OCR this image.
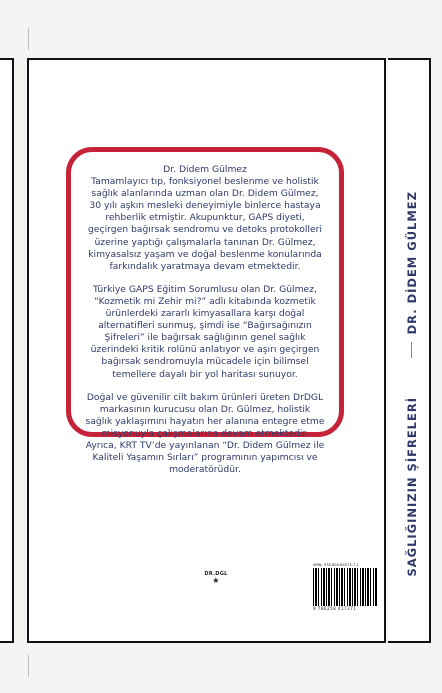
Dr. Didem Gülmez

Tamamlayıcı tıp, fonksiyonel beslenme ve holistik sağlık alanlarında uzman olan Dr. Didem Gülmez, 30 yılı aşkın mesleki deneyimiyle binlerce hastaya rehberlik etmiştir. Akupunktur, GAPS diyeti, geçirgen bağırsak sendromu ve detoks protokolleri üzerine yaptığı çalışmalarla tanınan Dr. Gülmez, kimyasalsız yaşam ve doğal beslenme konularında farkındalık yaratmaya devam etmektedir.

Türkiye GAPS Eğitim Sorumlusu olan Dr. Gülmez, “Kozmetik mi Zehir mi?” adlı kitabında kozmetik ürünlerdeki zararlı kimyasallara karşı doğal alternatifleri sunmuş, şimdi ise “Bağırsağınızın Şifreleri” ile bağırsak sağlığının genel sağlık üzerindeki kritik rolünü anlatıyor ve aşırı geçirgen bağırsak sendromuyla mücadele için bilimsel temellere dayalı bir yol haritası sunuyor.

Doğal ve güvenilir cilt bakım ürünleri üreten DrDGL markasının kurucusu olan Dr. Gülmez, holistik sağlık yaklaşımını hayatın her alanına entegre etme misyonuyla çalışmalarına devam etmektedir. Ayrıca, KRT TV’de yayınlanan “Dr. Didem Gülmez ile Kaliteli Yaşamın Sırları” programının yapımcısı ve moderatörüdür.

DR.DGL
★
ISBN: 978-605-85573-7-1
9 786258 417271
DR. DİDEM GÜLMEZ
SAĞLIĞINIZIN ŞİFRELERİ
